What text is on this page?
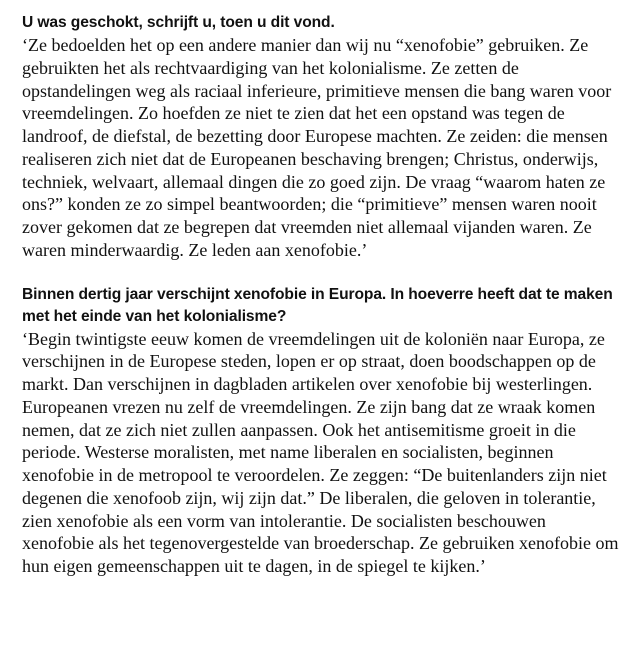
U was geschokt, schrijft u, toen u dit vond.

‘Ze bedoelden het op een andere manier dan wij nu “xenofobie” gebruiken. Ze gebruikten het als rechtvaardiging van het kolonialisme. Ze zetten de opstandelingen weg als raciaal inferieure, primitieve mensen die bang waren voor vreemdelingen. Zo hoefden ze niet te zien dat het een opstand was tegen de landroof, de diefstal, de bezetting door Europese machten. Ze zeiden: die mensen realiseren zich niet dat de Europeanen beschaving brengen; Christus, onderwijs, techniek, welvaart, allemaal dingen die zo goed zijn. De vraag “waarom haten ze ons?” konden ze zo simpel beantwoorden; die “primitieve” mensen waren nooit zover gekomen dat ze begrepen dat vreemden niet allemaal vijanden waren. Ze waren minderwaardig. Ze leden aan xenofobie.’

Binnen dertig jaar verschijnt xenofobie in Europa. In hoeverre heeft dat te maken met het einde van het kolonialisme?

‘Begin twintigste eeuw komen de vreemdelingen uit de koloniën naar Europa, ze verschijnen in de Europese steden, lopen er op straat, doen boodschappen op de markt. Dan verschijnen in dagbladen artikelen over xenofobie bij westerlingen. Europeanen vrezen nu zelf de vreemdelingen. Ze zijn bang dat ze wraak komen nemen, dat ze zich niet zullen aanpassen. Ook het antisemitisme groeit in die periode. Westerse moralisten, met name liberalen en socialisten, beginnen xenofobie in de metropool te veroordelen. Ze zeggen: “De buitenlanders zijn niet degenen die xenofoob zijn, wij zijn dat.” De liberalen, die geloven in tolerantie, zien xenofobie als een vorm van intolerantie. De socialisten beschouwen xenofobie als het tegenovergestelde van broederschap. Ze gebruiken xenofobie om hun eigen gemeenschappen uit te dagen, in de spiegel te kijken.’
